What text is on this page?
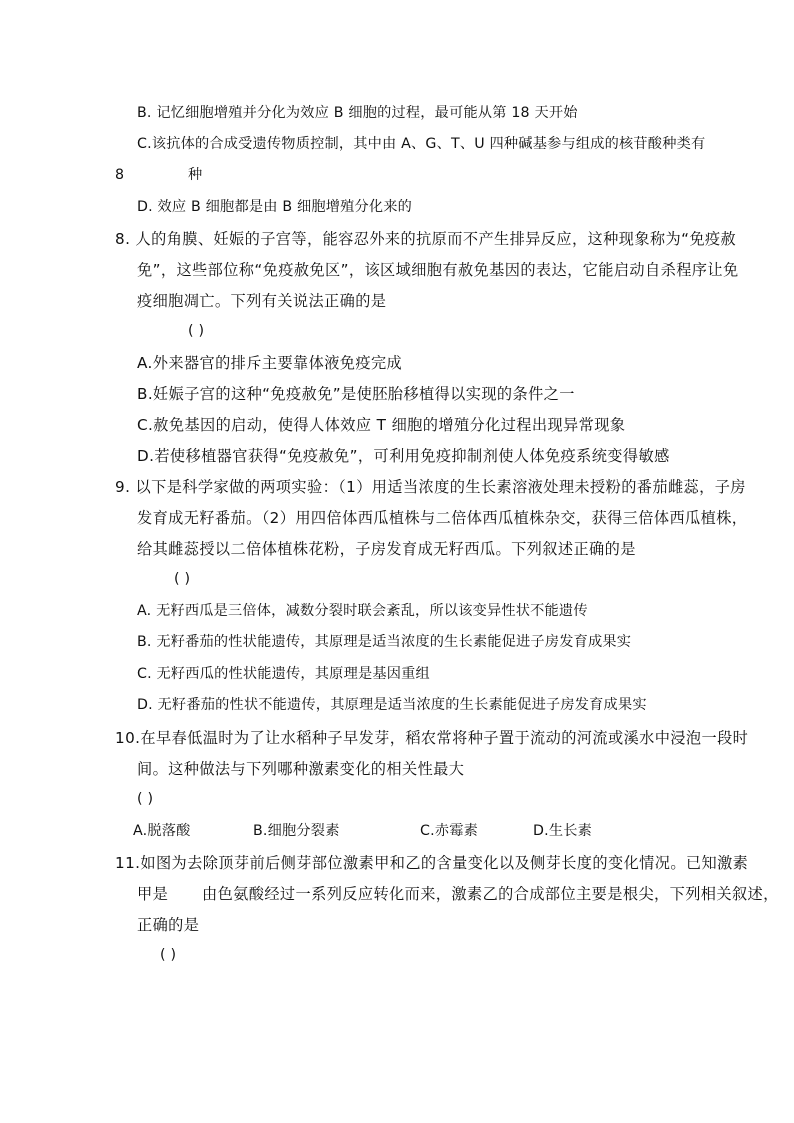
B. 记忆细胞增殖并分化为效应 B 细胞的过程，最可能从第 18 天开始
C.该抗体的合成受遗传物质控制，其中由 A、G、T、U 四种碱基参与组成的核苷酸种类有
8	种
D. 效应 B 细胞都是由 B 细胞增殖分化来的
8. 人的角膜、妊娠的子宫等，能容忍外来的抗原而不产生排异反应，这种现象称为“免疫赦
免”，这些部位称“免疫赦免区”，该区域细胞有赦免基因的表达，它能启动自杀程序让免
疫细胞凋亡。下列有关说法正确的是
( )
A.外来器官的排斥主要靠体液免疫完成
B.妊娠子宫的这种“免疫赦免”是使胚胎移植得以实现的条件之一
C.赦免基因的启动，使得人体效应 T 细胞的增殖分化过程出现异常现象
D.若使移植器官获得“免疫赦免”，可利用免疫抑制剂使人体免疫系统变得敏感
9. 以下是科学家做的两项实验：（1）用适当浓度的生长素溶液处理未授粉的番茄雌蕊，子房
发育成无籽番茄。（2）用四倍体西瓜植株与二倍体西瓜植株杂交，获得三倍体西瓜植株，
给其雌蕊授以二倍体植株花粉，子房发育成无籽西瓜。下列叙述正确的是
( )
A. 无籽西瓜是三倍体，减数分裂时联会紊乱，所以该变异性状不能遗传
B. 无籽番茄的性状能遗传，其原理是适当浓度的生长素能促进子房发育成果实
C. 无籽西瓜的性状能遗传，其原理是基因重组
D. 无籽番茄的性状不能遗传，其原理是适当浓度的生长素能促进子房发育成果实
10.在早春低温时为了让水稻种子早发芽，稻农常将种子置于流动的河流或溪水中浸泡一段时
间。这种做法与下列哪种激素变化的相关性最大
( )
A.脱落酸	B.细胞分裂素	C.赤霉素	D.生长素
11.如图为去除顶芽前后侧芽部位激素甲和乙的含量变化以及侧芽长度的变化情况。已知激素
甲是 由色氨酸经过一系列反应转化而来，激素乙的合成部位主要是根尖，下列相关叙述，
正确的是
( )
